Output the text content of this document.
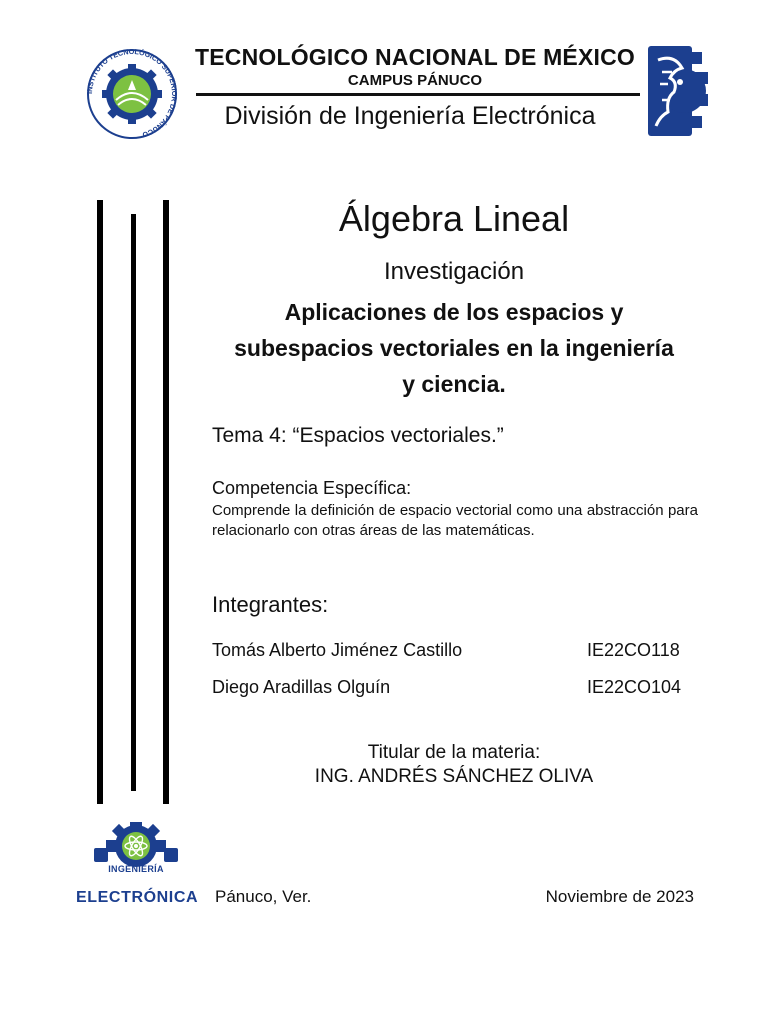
STITUTO TECNOLÓGICO SUPERI DE PÁNUCO
TECNOLÓGICO NACIONAL DE MÉXICO
CAMPUS PÁNUCO
División de Ingeniería Electrónica
Álgebra Lineal
Investigación
Aplicaciones de los espacios y
subespacios vectoriales en la ingeniería
y ciencia.
Tema 4: “Espacios vectoriales.”
Competencia Específica:
Comprende la definición de espacio vectorial como una abstracción para relacionarlo con otras áreas de las matemáticas.
Integrantes:
Tomás Alberto Jiménez Castillo	IE22CO118
Diego Aradillas Olguín	IE22CO104
Titular de la materia:
ING. ANDRÉS SÁNCHEZ OLIVA
INGENIERÍA
ELECTRÓNICA Pánuco, Ver.	Noviembre de 2023
